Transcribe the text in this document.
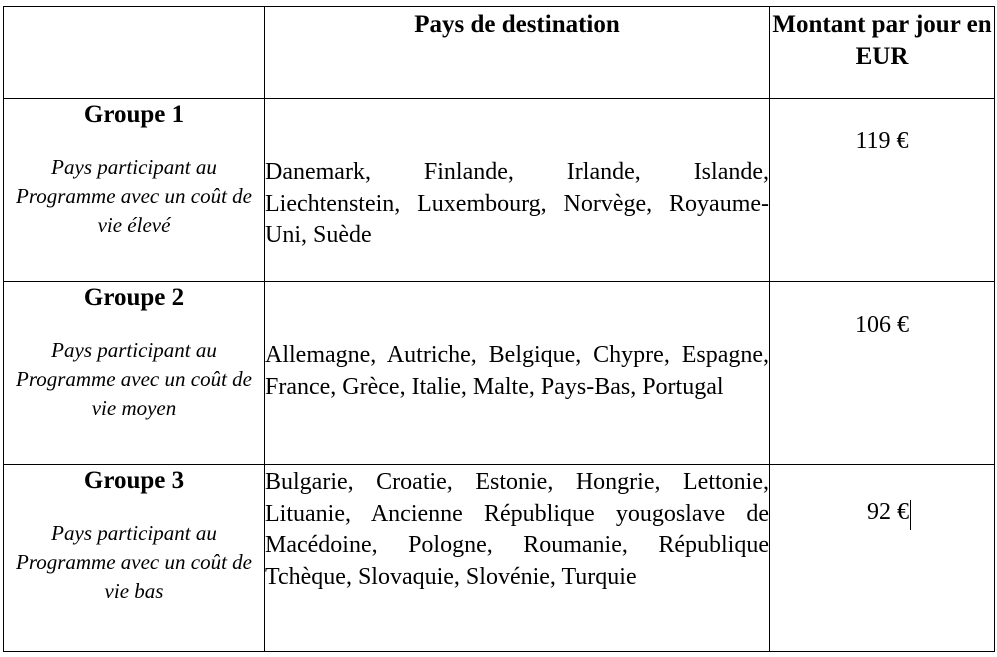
	Pays de destination	Montant par jour en EUR

Groupe 1

Pays participant au Programme avec un coût de vie élevé	Danemark, Finlande, Irlande, Islande, Liechtenstein, Luxembourg, Norvège, Royaume-Uni, Suède	119 €

Groupe 2

Pays participant au Programme avec un coût de vie moyen	Allemagne, Autriche, Belgique, Chypre, Espagne, France, Grèce, Italie, Malte, Pays-Bas, Portugal	106 €

Groupe 3

Pays participant au Programme avec un coût de vie bas	Bulgarie, Croatie, Estonie, Hongrie, Lettonie, Lituanie, Ancienne République yougoslave de Macédoine, Pologne, Roumanie, République Tchèque, Slovaquie, Slovénie, Turquie	92 €
